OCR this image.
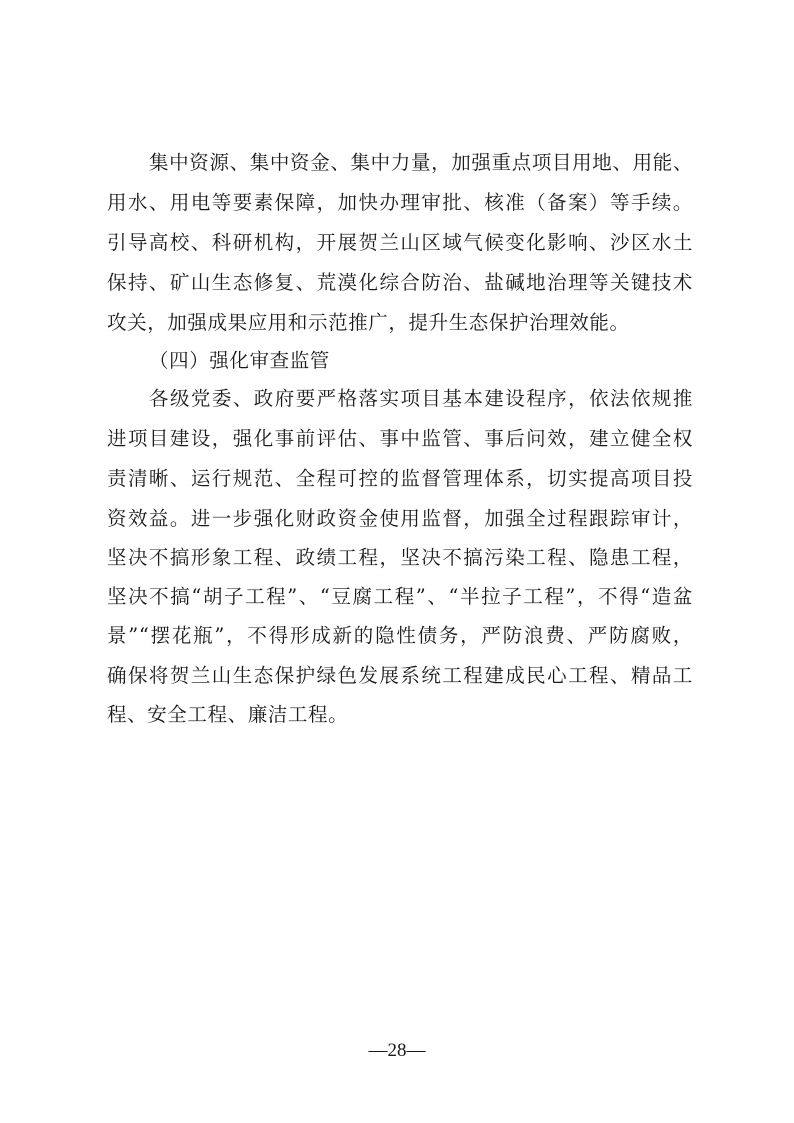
集中资源、集中资金、集中力量，加强重点项目用地、用能、
用水、用电等要素保障，加快办理审批、核准（备案）等手续。
引导高校、科研机构，开展贺兰山区域气候变化影响、沙区水土
保持、矿山生态修复、荒漠化综合防治、盐碱地治理等关键技术
攻关，加强成果应用和示范推广，提升生态保护治理效能。
（四）强化审查监管
各级党委、政府要严格落实项目基本建设程序，依法依规推
进项目建设，强化事前评估、事中监管、事后问效，建立健全权
责清晰、运行规范、全程可控的监督管理体系，切实提高项目投
资效益。进一步强化财政资金使用监督，加强全过程跟踪审计，
坚决不搞形象工程、政绩工程，坚决不搞污染工程、隐患工程，
坚决不搞“胡子工程”、“豆腐工程”、“半拉子工程”，不得“造盆
景”“摆花瓶”，不得形成新的隐性债务，严防浪费、严防腐败，
确保将贺兰山生态保护绿色发展系统工程建成民心工程、精品工
程、安全工程、廉洁工程。
—28—
